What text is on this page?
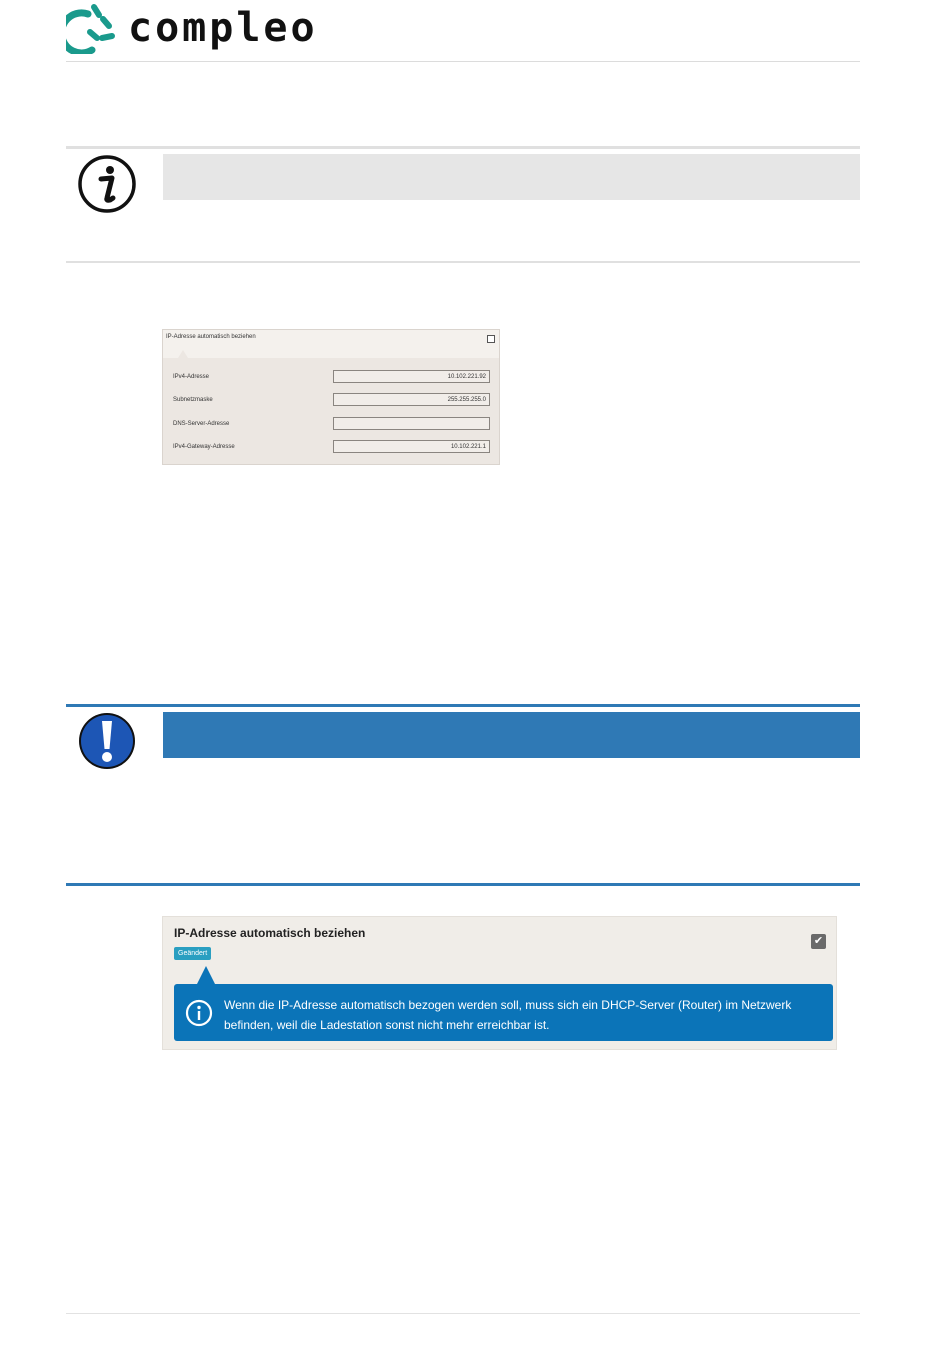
compleo
IP-Adresse automatisch beziehen
IPv4-Adresse	10.102.221.92
Subnetzmaske	255.255.255.0
DNS-Server-Adresse
IPv4-Gateway-Adresse	10.102.221.1
IP-Adresse automatisch beziehen
✔
Geändert
Wenn die IP-Adresse automatisch bezogen werden soll, muss sich ein DHCP-Server (Router) im Netzwerk befinden, weil die Ladestation sonst nicht mehr erreichbar ist.
